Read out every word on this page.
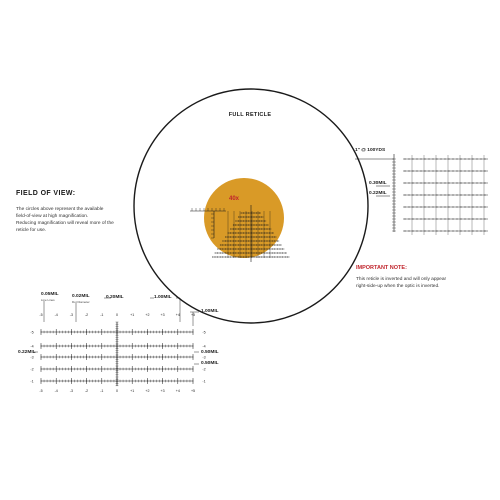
FULL RETICLE
40x
-5	-4	-3	-2	-1	0	+1	+2	+3	+4	+5
-5	-5
-4	-4
-3	-3
-2	-2
-1	-1
-5	-4	-3	-2	-1	0	+1	+2	+3	+4	+5
FIELD OF VIEW:
The circles above represent the available
field-of-view at high magnification.
Reducing magnification will reveal more of the
reticle for use.
IMPORTANT NOTE:
This reticle is inverted and will only appear
right-side-up when the optic is inverted.
1" @ 100YDS
0.30MIL
0.22MIL
0.05MIL
Line Lines
0.02MIL
Dot Diameter
0.20MIL	1.00MIL
1.00MIL
0.22MIL	0.50MIL
0.50MIL
